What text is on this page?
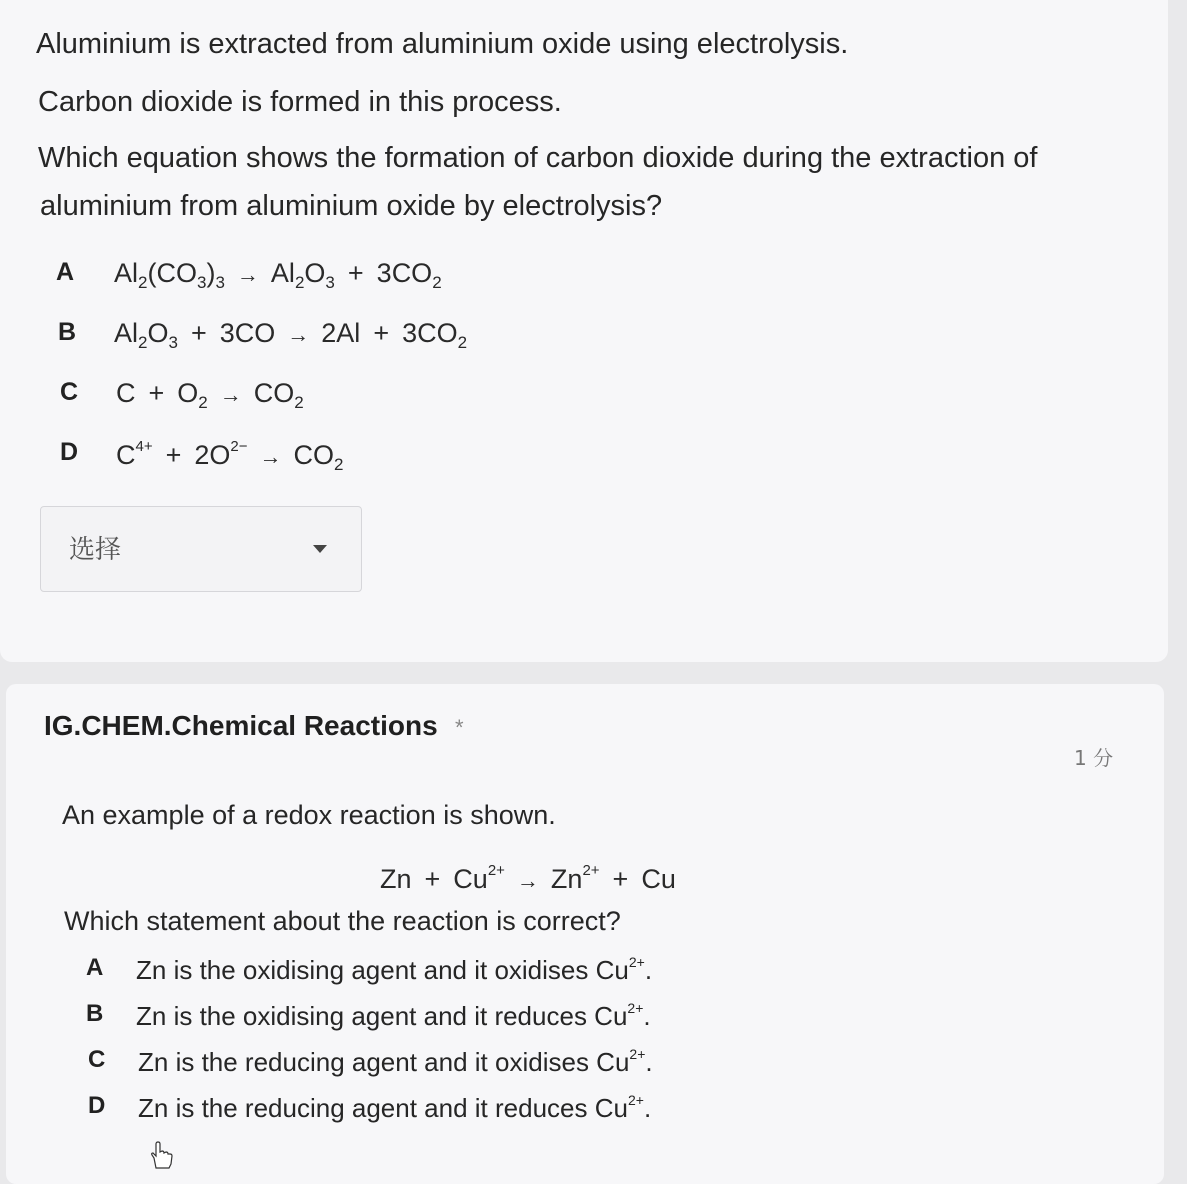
Aluminium is extracted from aluminium oxide using electrolysis.
Carbon dioxide is formed in this process.
Which equation shows the formation of carbon dioxide during the extraction of
aluminium from aluminium oxide by electrolysis?
A $Al_2(CO_3)_3 \to Al_2O_3 + 3CO_2$
B $Al_2O_3 + 3CO \to 2Al + 3CO_2$
C $C + O_2 \to CO_2$
D $C^{4+} + 2O^{2-} \to CO_2$
选择
IG.CHEM.Chemical Reactions *
1 分
An example of a redox reaction is shown.
$Zn + Cu^{2+} \to Zn^{2+} + Cu$
Which statement about the reaction is correct?
A Zn is the oxidising agent and it oxidises $Cu^{2+}$.
B Zn is the oxidising agent and it reduces $Cu^{2+}$.
C Zn is the reducing agent and it oxidises $Cu^{2+}$.
D Zn is the reducing agent and it reduces $Cu^{2+}$.
